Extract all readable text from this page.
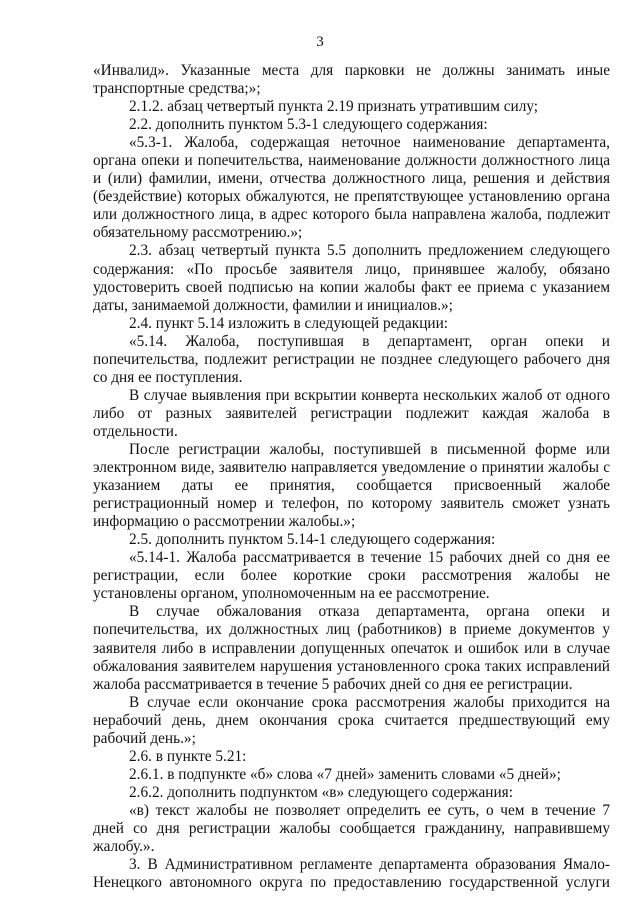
3

«Инвалид». Указанные места для парковки не должны занимать иные транспортные средства;»;

2.1.2. абзац четвертый пункта 2.19 признать утратившим силу;

2.2. дополнить пунктом 5.3-1 следующего содержания:

«5.3-1. Жалоба, содержащая неточное наименование департамента, органа опеки и попечительства, наименование должности должностного лица и (или) фамилии, имени, отчества должностного лица, решения и действия (бездействие) которых обжалуются, не препятствующее установлению органа или должностного лица, в адрес которого была направлена жалоба, подлежит обязательному рассмотрению.»;

2.3. абзац четвертый пункта 5.5 дополнить предложением следующего содержания: «По просьбе заявителя лицо, принявшее жалобу, обязано удостоверить своей подписью на копии жалобы факт ее приема с указанием даты, занимаемой должности, фамилии и инициалов.»;

2.4. пункт 5.14 изложить в следующей редакции:

«5.14. Жалоба, поступившая в департамент, орган опеки и попечительства, подлежит регистрации не позднее следующего рабочего дня со дня ее поступления.

В случае выявления при вскрытии конверта нескольких жалоб от одного либо от разных заявителей регистрации подлежит каждая жалоба в отдельности.

После регистрации жалобы, поступившей в письменной форме или электронном виде, заявителю направляется уведомление о принятии жалобы с указанием даты ее принятия, сообщается присвоенный жалобе регистрационный номер и телефон, по которому заявитель сможет узнать информацию о рассмотрении жалобы.»;

2.5. дополнить пунктом 5.14-1 следующего содержания:

«5.14-1. Жалоба рассматривается в течение 15 рабочих дней со дня ее регистрации, если более короткие сроки рассмотрения жалобы не установлены органом, уполномоченным на ее рассмотрение.

В случае обжалования отказа департамента, органа опеки и попечительства, их должностных лиц (работников) в приеме документов у заявителя либо в исправлении допущенных опечаток и ошибок или в случае обжалования заявителем нарушения установленного срока таких исправлений жалоба рассматривается в течение 5 рабочих дней со дня ее регистрации.

В случае если окончание срока рассмотрения жалобы приходится на нерабочий день, днем окончания срока считается предшествующий ему рабочий день.»;

2.6. в пункте 5.21:

2.6.1. в подпункте «б» слова «7 дней» заменить словами «5 дней»;

2.6.2. дополнить подпунктом «в» следующего содержания:

«в) текст жалобы не позволяет определить ее суть, о чем в течение 7 дней со дня регистрации жалобы сообщается гражданину, направившему жалобу.».

3. В Административном регламенте департамента образования Ямало-Ненецкого автономного округа по предоставлению государственной услуги
